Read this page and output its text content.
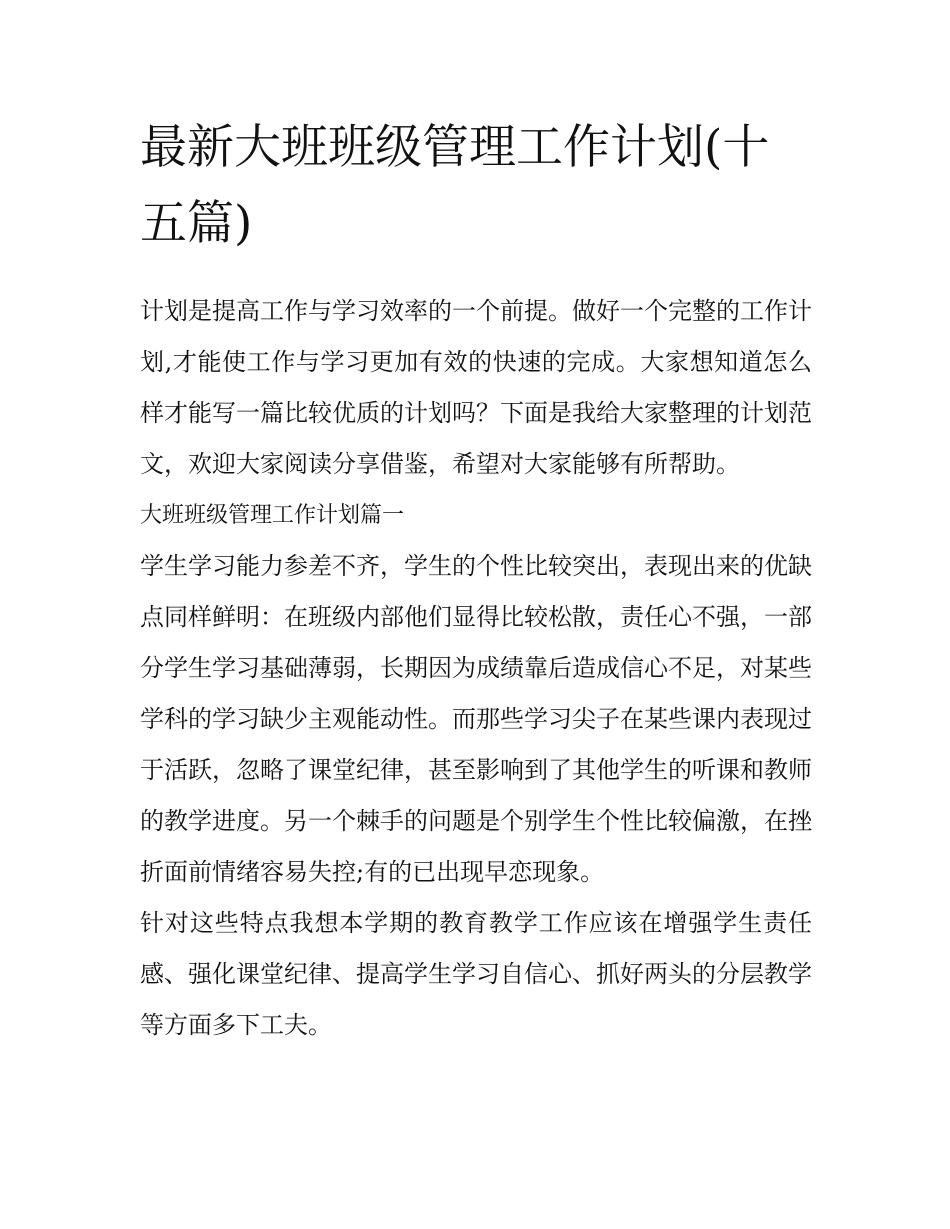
最新大班班级管理工作计划(十五篇)

计划是提高工作与学习效率的一个前提。做好一个完整的工作计划,才能使工作与学习更加有效的快速的完成。大家想知道怎么样才能写一篇比较优质的计划吗？下面是我给大家整理的计划范文，欢迎大家阅读分享借鉴，希望对大家能够有所帮助。

大班班级管理工作计划篇一

学生学习能力参差不齐，学生的个性比较突出，表现出来的优缺点同样鲜明：在班级内部他们显得比较松散，责任心不强，一部分学生学习基础薄弱，长期因为成绩靠后造成信心不足，对某些学科的学习缺少主观能动性。而那些学习尖子在某些课内表现过于活跃，忽略了课堂纪律，甚至影响到了其他学生的听课和教师的教学进度。另一个棘手的问题是个别学生个性比较偏激，在挫折面前情绪容易失控;有的已出现早恋现象。

针对这些特点我想本学期的教育教学工作应该在增强学生责任感、强化课堂纪律、提高学生学习自信心、抓好两头的分层教学等方面多下工夫。
